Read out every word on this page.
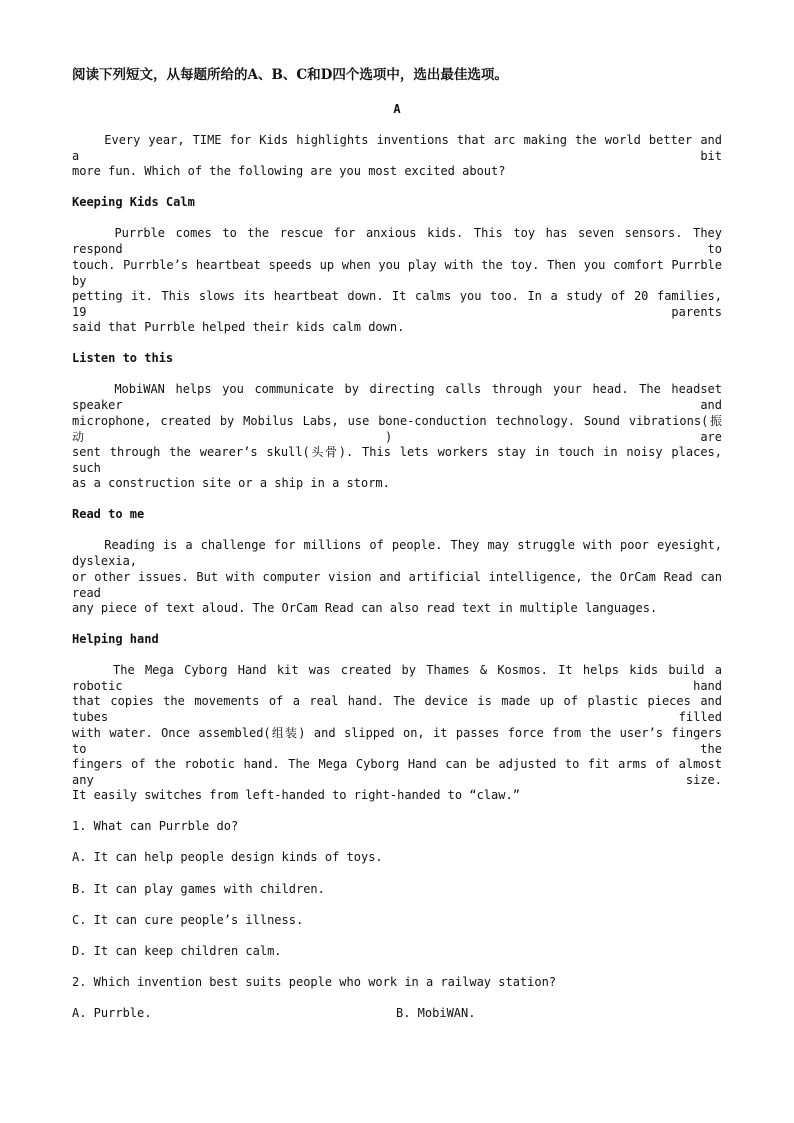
阅读下列短文，从每题所给的A、B、C和D四个选项中，选出最佳选项。
A
Every year, TIME for Kids highlights inventions that arc making the world better and a bit
more fun. Which of the following are you most excited about?
Keeping Kids Calm
Purrble comes to the rescue for anxious kids. This toy has seven sensors. They respond to
touch. Purrble’s heartbeat speeds up when you play with the toy. Then you comfort Purrble by
petting it. This slows its heartbeat down. It calms you too. In a study of 20 families, 19 parents
said that Purrble helped their kids calm down.
Listen to this
MobiWAN helps you communicate by directing calls through your head. The headset speaker and
microphone, created by Mobilus Labs, use bone-conduction technology. Sound vibrations(振动) are
sent through the wearer’s skull(头骨). This lets workers stay in touch in noisy places, such
as a construction site or a ship in a storm.
Read to me
Reading is a challenge for millions of people. They may struggle with poor eyesight, dyslexia,
or other issues. But with computer vision and artificial intelligence, the OrCam Read can read
any piece of text aloud. The OrCam Read can also read text in multiple languages.
Helping hand
The Mega Cyborg Hand kit was created by Thames & Kosmos. It helps kids build a robotic hand
that copies the movements of a real hand. The device is made up of plastic pieces and tubes filled
with water. Once assembled(组装) and slipped on, it passes force from the user’s fingers to the
fingers of the robotic hand. The Mega Cyborg Hand can be adjusted to fit arms of almost any size.
It easily switches from left-handed to right-handed to “claw.”
1. What can Purrble do?
A. It can help people design kinds of toys.
B. It can play games with children.
C. It can cure people’s illness.
D. It can keep children calm.
2. Which invention best suits people who work in a railway station?
A. Purrble.	B. MobiWAN.
